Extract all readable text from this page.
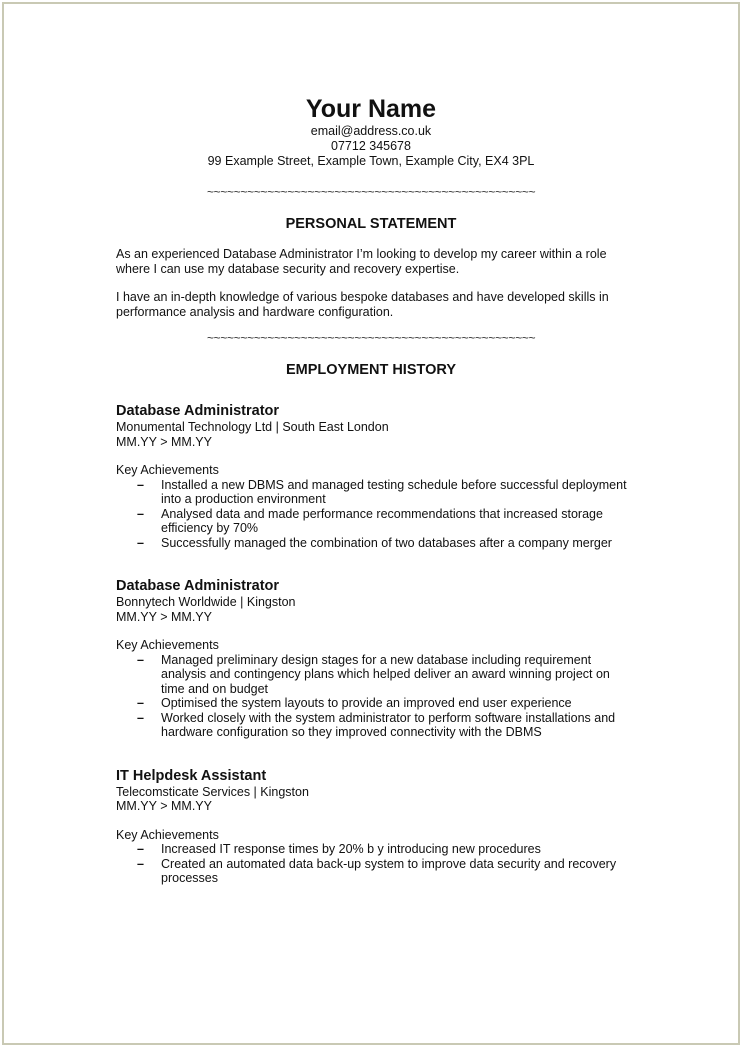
Your Name
email@address.co.uk
07712 345678
99 Example Street, Example Town, Example City, EX4 3PL
~~~~~~~~~~~~~~~~~~~~~~~~~~~~~~~~~~~~~~~~~~~~~~~~~
PERSONAL STATEMENT

As an experienced Database Administrator I’m looking to develop my career within a role where I can use my database security and recovery expertise.

I have an in-depth knowledge of various bespoke databases and have developed skills in performance analysis and hardware configuration.

~~~~~~~~~~~~~~~~~~~~~~~~~~~~~~~~~~~~~~~~~~~~~~~~~
EMPLOYMENT HISTORY
Database Administrator
Monumental Technology Ltd | South East London
MM.YY > MM.YY
Key Achievements
– Installed a new DBMS and managed testing schedule before successful deployment into a production environment
– Analysed data and made performance recommendations that increased storage efficiency by 70%
– Successfully managed the combination of two databases after a company merger
Database Administrator
Bonnytech Worldwide | Kingston
MM.YY > MM.YY
Key Achievements
– Managed preliminary design stages for a new database including requirement analysis and contingency plans which helped deliver an award winning project on time and on budget
– Optimised the system layouts to provide an improved end user experience
– Worked closely with the system administrator to perform software installations and hardware configuration so they improved connectivity with the DBMS
IT Helpdesk Assistant
Telecomsticate Services | Kingston
MM.YY > MM.YY
Key Achievements
– Increased IT response times by 20% b y introducing new procedures
– Created an automated data back-up system to improve data security and recovery processes
